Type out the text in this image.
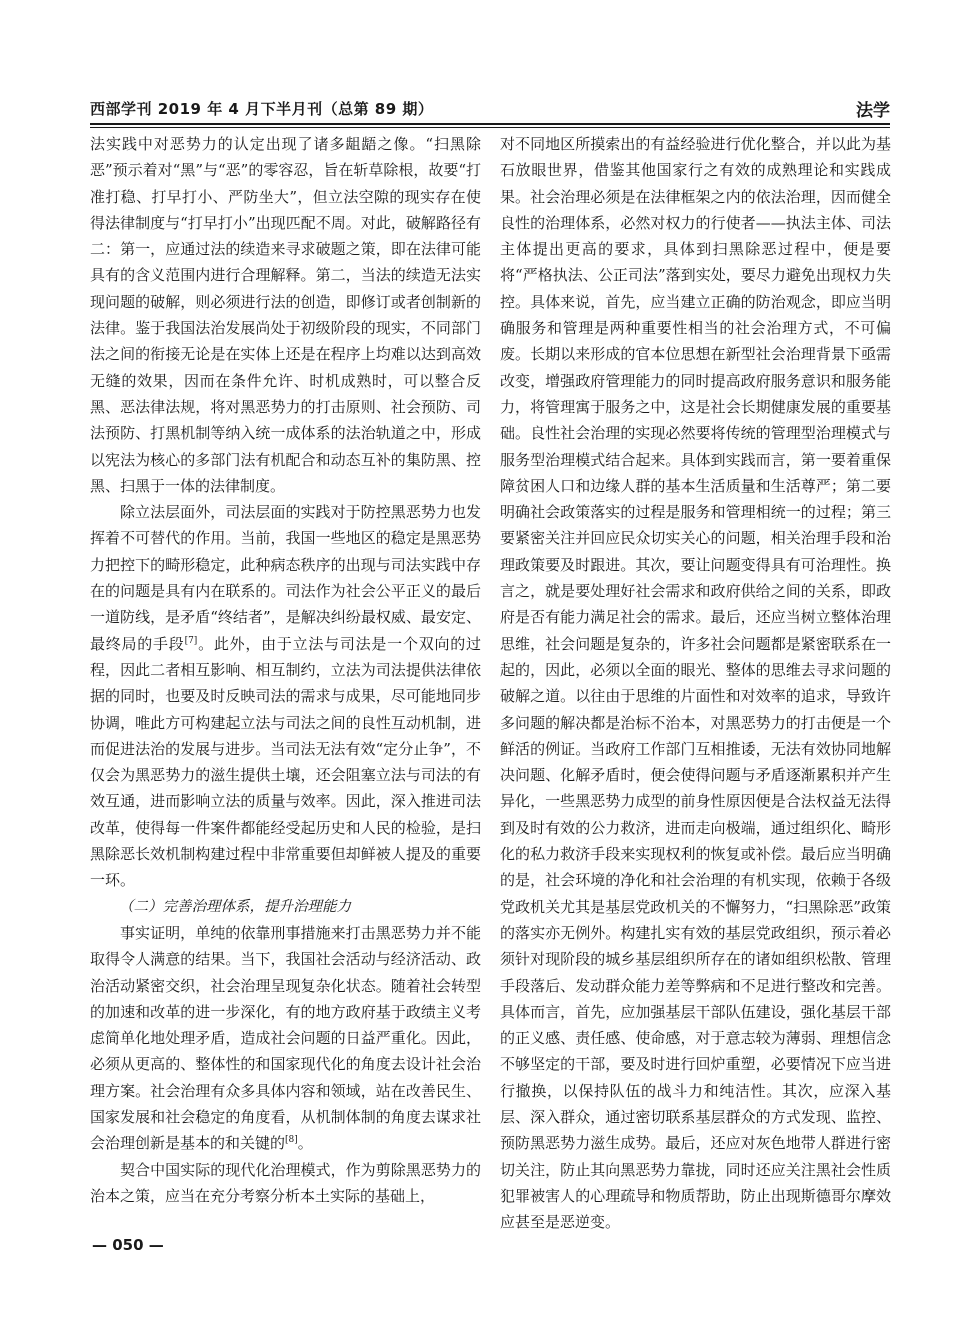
西部学刊 2019 年 4 月下半月刊（总第 89 期）	法学

法实践中对恶势力的认定出现了诸多龃龉之像。“扫黑除恶”预示着对“黑”与“恶”的零容忍，旨在斩草除根，故要“打准打稳、打早打小、严防坐大”，但立法空隙的现实存在使得法律制度与“打早打小”出现匹配不周。对此，破解路径有二：第一，应通过法的续造来寻求破题之策，即在法律可能具有的含义范围内进行合理解释。第二，当法的续造无法实现问题的破解，则必须进行法的创造，即修订或者创制新的法律。鉴于我国法治发展尚处于初级阶段的现实，不同部门法之间的衔接无论是在实体上还是在程序上均难以达到高效无缝的效果，因而在条件允许、时机成熟时，可以整合反黑、恶法律法规，将对黑恶势力的打击原则、社会预防、司法预防、打黑机制等纳入统一成体系的法治轨道之中，形成以宪法为核心的多部门法有机配合和动态互补的集防黑、控黑、扫黑于一体的法律制度。

除立法层面外，司法层面的实践对于防控黑恶势力也发挥着不可替代的作用。当前，我国一些地区的稳定是黑恶势力把控下的畸形稳定，此种病态秩序的出现与司法实践中存在的问题是具有内在联系的。司法作为社会公平正义的最后一道防线，是矛盾“终结者”，是解决纠纷最权威、最安定、最终局的手段[7]。此外，由于立法与司法是一个双向的过程，因此二者相互影响、相互制约，立法为司法提供法律依据的同时，也要及时反映司法的需求与成果，尽可能地同步协调，唯此方可构建起立法与司法之间的良性互动机制，进而促进法治的发展与进步。当司法无法有效“定分止争”，不仅会为黑恶势力的滋生提供土壤，还会阻塞立法与司法的有效互通，进而影响立法的质量与效率。因此，深入推进司法改革，使得每一件案件都能经受起历史和人民的检验，是扫黑除恶长效机制构建过程中非常重要但却鲜被人提及的重要一环。

（二）完善治理体系，提升治理能力

事实证明，单纯的依靠刑事措施来打击黑恶势力并不能取得令人满意的结果。当下，我国社会活动与经济活动、政治活动紧密交织，社会治理呈现复杂化状态。随着社会转型的加速和改革的进一步深化，有的地方政府基于政绩主义考虑简单化地处理矛盾，造成社会问题的日益严重化。因此，必须从更高的、整体性的和国家现代化的角度去设计社会治理方案。社会治理有众多具体内容和领域，站在改善民生、国家发展和社会稳定的角度看，从机制体制的角度去谋求社会治理创新是基本的和关键的[8]。

契合中国实际的现代化治理模式，作为剪除黑恶势力的治本之策，应当在充分考察分析本土实际的基础上，

对不同地区所摸索出的有益经验进行优化整合，并以此为基石放眼世界，借鉴其他国家行之有效的成熟理论和实践成果。社会治理必须是在法律框架之内的依法治理，因而健全良性的治理体系，必然对权力的行使者——执法主体、司法主体提出更高的要求，具体到扫黑除恶过程中，便是要将“严格执法、公正司法”落到实处，要尽力避免出现权力失控。具体来说，首先，应当建立正确的防治观念，即应当明确服务和管理是两种重要性相当的社会治理方式，不可偏废。长期以来形成的官本位思想在新型社会治理背景下亟需改变，增强政府管理能力的同时提高政府服务意识和服务能力，将管理寓于服务之中，这是社会长期健康发展的重要基础。良性社会治理的实现必然要将传统的管理型治理模式与服务型治理模式结合起来。具体到实践而言，第一要着重保障贫困人口和边缘人群的基本生活质量和生活尊严；第二要明确社会政策落实的过程是服务和管理相统一的过程；第三要紧密关注并回应民众切实关心的问题，相关治理手段和治理政策要及时跟进。其次，要让问题变得具有可治理性。换言之，就是要处理好社会需求和政府供给之间的关系，即政府是否有能力满足社会的需求。最后，还应当树立整体治理思维，社会问题是复杂的，许多社会问题都是紧密联系在一起的，因此，必须以全面的眼光、整体的思维去寻求问题的破解之道。以往由于思维的片面性和对效率的追求，导致许多问题的解决都是治标不治本，对黑恶势力的打击便是一个鲜活的例证。当政府工作部门互相推诿，无法有效协同地解决问题、化解矛盾时，便会使得问题与矛盾逐渐累积并产生异化，一些黑恶势力成型的前身性原因便是合法权益无法得到及时有效的公力救济，进而走向极端，通过组织化、畸形化的私力救济手段来实现权利的恢复或补偿。最后应当明确的是，社会环境的净化和社会治理的有机实现，依赖于各级党政机关尤其是基层党政机关的不懈努力，“扫黑除恶”政策的落实亦无例外。构建扎实有效的基层党政组织，预示着必须针对现阶段的城乡基层组织所存在的诸如组织松散、管理手段落后、发动群众能力差等弊病和不足进行整改和完善。具体而言，首先，应加强基层干部队伍建设，强化基层干部的正义感、责任感、使命感，对于意志较为薄弱、理想信念不够坚定的干部，要及时进行回炉重塑，必要情况下应当进行撤换，以保持队伍的战斗力和纯洁性。其次，应深入基层、深入群众，通过密切联系基层群众的方式发现、监控、预防黑恶势力滋生成势。最后，还应对灰色地带人群进行密切关注，防止其向黑恶势力靠拢，同时还应关注黑社会性质犯罪被害人的心理疏导和物质帮助，防止出现斯德哥尔摩效应甚至是恶逆变。

— 050 —
